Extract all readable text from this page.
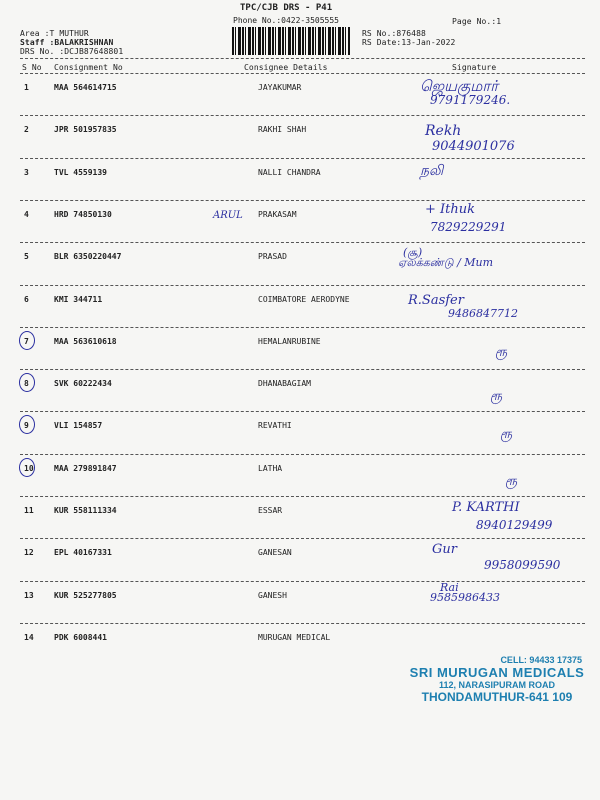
TPC/CJB DRS - P41
Phone No.:0422-3505555	Page No.:1
Area :T MUTHUR
Staff :BALAKRISHNAN
DRS No. :DCJB87648801
RS No.:876488
RS Date:13-Jan-2022
S No Consignment No	Consignee Details	Signature
1	MAA 564614715	JAYAKUMAR	ஜெயகுமார்
9791179246.
2	JPR 501957835	RAKHI SHAH	Rekh
9044901076
3	TVL 4559139	NALLI CHANDRA	நலி
4	HRD 74850130	PRAKASAM	+ Ithuk
7829229291
5	BLR 6350220447	PRASAD	(சூ)
ஏலக்கண்டு / Mum
6	KMI 344711	COIMBATORE AERODYNE	R.Sasfer
9486847712
7	MAA 563610618	HEMALANRUBINE
ரூ
8	SVK 60222434	DHANABAGIAM
ரூ
9	VLI 154857	REVATHI
ரூ
10	MAA 279891847	LATHA
ரூ
11	KUR 558111334	ESSAR	P. KARTHI
8940129499
12	EPL 40167331	GANESAN	Gur
9958099590
13	KUR 525277805	GANESH
Rai
9585986433
14	PDK 6008441	MURUGAN MEDICAL
ARUL
CELL: 94433 17375
SRI MURUGAN MEDICALS
112, NARASIPURAM ROAD
THONDAMUTHUR-641 109
